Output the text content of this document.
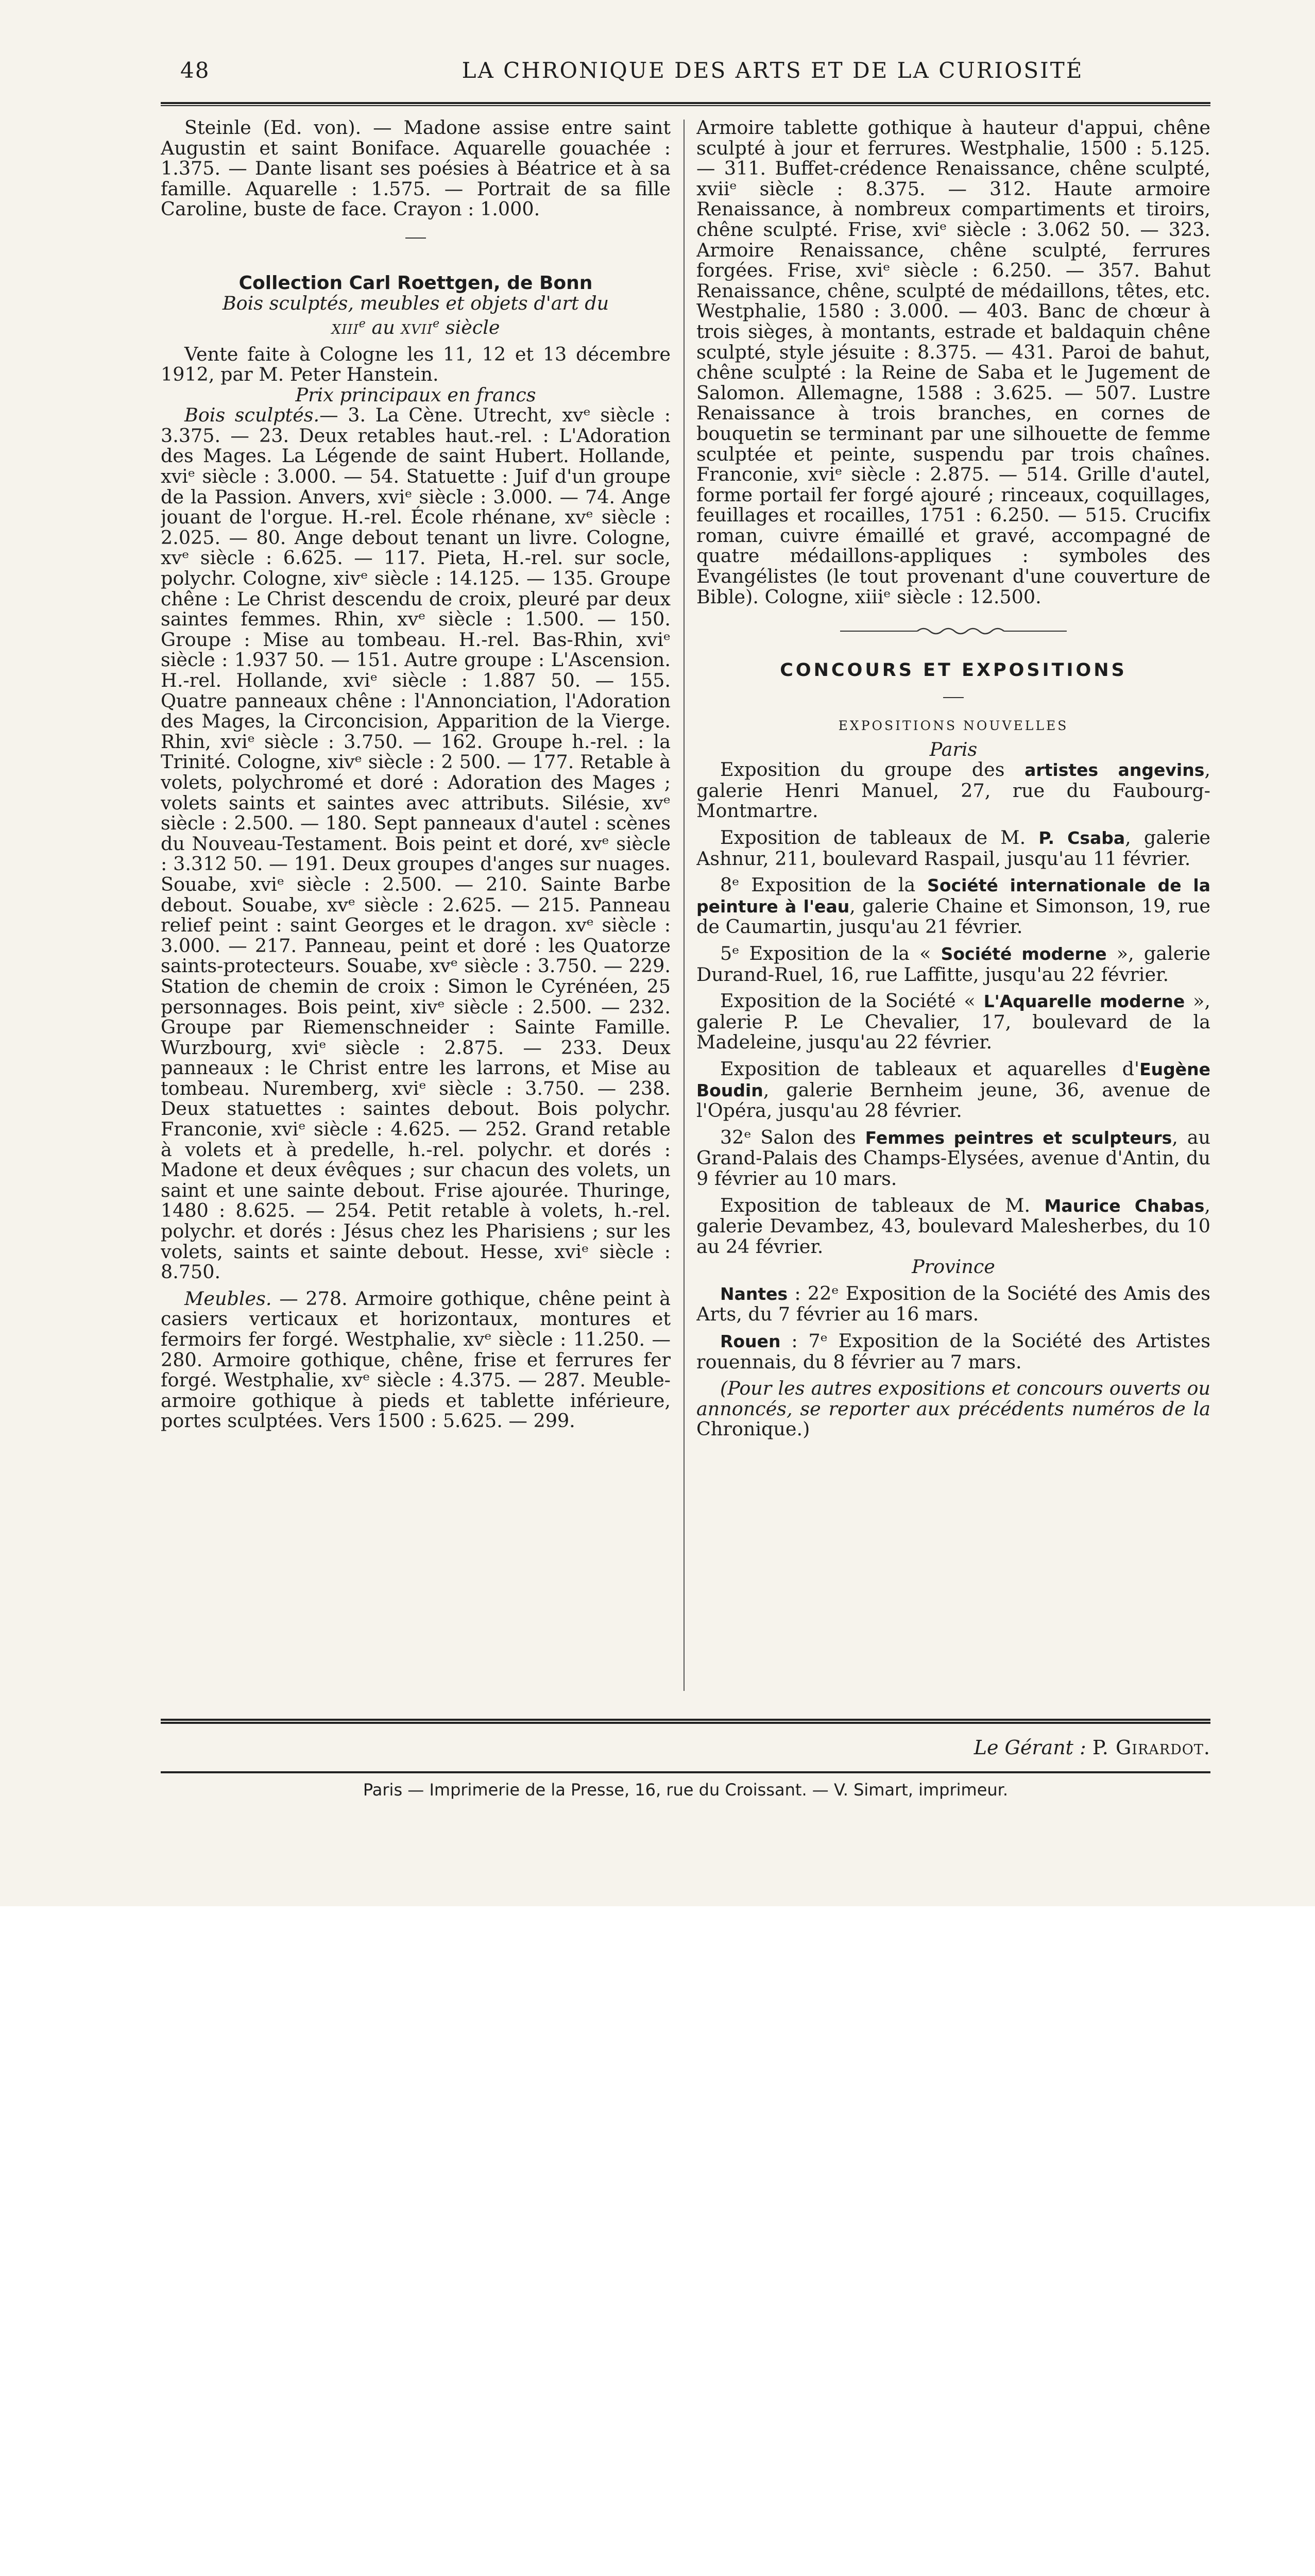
48	LA CHRONIQUE DES ARTS ET DE LA CURIOSITÉ

Steinle (Ed. von). — Madone assise entre saint Augustin et saint Boniface. Aquarelle gouachée : 1.375. — Dante lisant ses poésies à Béatrice et à sa famille. Aquarelle : 1.575. — Portrait de sa fille Caroline, buste de face. Crayon : 1.000.

Collection Carl Roettgen, de Bonn

Bois sculptés, meubles et objets d'art du
xiii$^e$ au xvii$^e$ siècle

Vente faite à Cologne les 11, 12 et 13 décembre 1912, par M. Peter Hanstein.

Prix principaux en francs

Bois sculptés.— 3. La Cène. Utrecht, xvᵉ siècle : 3.375. — 23. Deux retables haut.-rel. : L'Adoration des Mages. La Légende de saint Hubert. Hollande, xviᵉ siècle : 3.000. — 54. Statuette : Juif d'un groupe de la Passion. Anvers, xviᵉ siècle : 3.000. — 74. Ange jouant de l'orgue. H.-rel. École rhénane, xvᵉ siècle : 2.025. — 80. Ange debout tenant un livre. Cologne, xvᵉ siècle : 6.625. — 117. Pieta, H.-rel. sur socle, polychr. Cologne, xivᵉ siècle : 14.125. — 135. Groupe chêne : Le Christ descendu de croix, pleuré par deux saintes femmes. Rhin, xvᵉ siècle : 1.500. — 150. Groupe : Mise au tombeau. H.-rel. Bas-Rhin, xviᵉ siècle : 1.937 50. — 151. Autre groupe : L'Ascension. H.-rel. Hollande, xviᵉ siècle : 1.887 50. — 155. Quatre panneaux chêne : l'Annonciation, l'Adoration des Mages, la Circoncision, Apparition de la Vierge. Rhin, xviᵉ siècle : 3.750. — 162. Groupe h.-rel. : la Trinité. Cologne, xivᵉ siècle : 2 500. — 177. Retable à volets, polychromé et doré : Adoration des Mages ; volets saints et saintes avec attributs. Silésie, xvᵉ siècle : 2.500. — 180. Sept panneaux d'autel : scènes du Nouveau-Testament. Bois peint et doré, xvᵉ siècle : 3.312 50. — 191. Deux groupes d'anges sur nuages. Souabe, xviᵉ siècle : 2.500. — 210. Sainte Barbe debout. Souabe, xvᵉ siècle : 2.625. — 215. Panneau relief peint : saint Georges et le dragon. xvᵉ siècle : 3.000. — 217. Panneau, peint et doré : les Quatorze saints-protecteurs. Souabe, xvᵉ siècle : 3.750. — 229. Station de chemin de croix : Simon le Cyrénéen, 25 personnages. Bois peint, xivᵉ siècle : 2.500. — 232. Groupe par Riemenschneider : Sainte Famille. Wurzbourg, xviᵉ siècle : 2.875. — 233. Deux panneaux : le Christ entre les larrons, et Mise au tombeau. Nuremberg, xviᵉ siècle : 3.750. — 238. Deux statuettes : saintes debout. Bois polychr. Franconie, xviᵉ siècle : 4.625. — 252. Grand retable à volets et à predelle, h.-rel. polychr. et dorés : Madone et deux évêques ; sur chacun des volets, un saint et une sainte debout. Frise ajourée. Thuringe, 1480 : 8.625. — 254. Petit retable à volets, h.-rel. polychr. et dorés : Jésus chez les Pharisiens ; sur les volets, saints et sainte debout. Hesse, xviᵉ siècle : 8.750.

Meubles. — 278. Armoire gothique, chêne peint à casiers verticaux et horizontaux, montures et fermoirs fer forgé. Westphalie, xvᵉ siècle : 11.250. — 280. Armoire gothique, chêne, frise et ferrures fer forgé. Westphalie, xvᵉ siècle : 4.375. — 287. Meuble-armoire gothique à pieds et tablette inférieure, portes sculptées. Vers 1500 : 5.625. — 299.

Armoire tablette gothique à hauteur d'appui, chêne sculpté à jour et ferrures. Westphalie, 1500 : 5.125. — 311. Buffet-crédence Renaissance, chêne sculpté, xviiᵉ siècle : 8.375. — 312. Haute armoire Renaissance, à nombreux compartiments et tiroirs, chêne sculpté. Frise, xviᵉ siècle : 3.062 50. — 323. Armoire Renaissance, chêne sculpté, ferrures forgées. Frise, xviᵉ siècle : 6.250. — 357. Bahut Renaissance, chêne, sculpté de médaillons, têtes, etc. Westphalie, 1580 : 3.000. — 403. Banc de chœur à trois sièges, à montants, estrade et baldaquin chêne sculpté, style jésuite : 8.375. — 431. Paroi de bahut, chêne sculpté : la Reine de Saba et le Jugement de Salomon. Allemagne, 1588 : 3.625. — 507. Lustre Renaissance à trois branches, en cornes de bouquetin se terminant par une silhouette de femme sculptée et peinte, suspendu par trois chaînes. Franconie, xviᵉ siècle : 2.875. — 514. Grille d'autel, forme portail fer forgé ajouré ; rinceaux, coquillages, feuillages et rocailles, 1751 : 6.250. — 515. Crucifix roman, cuivre émaillé et gravé, accompagné de quatre médaillons-appliques : symboles des Evangélistes (le tout provenant d'une couverture de Bible). Cologne, xiiiᵉ siècle : 12.500.

CONCOURS ET EXPOSITIONS
EXPOSITIONS NOUVELLES

Paris

Exposition du groupe des artistes angevins, galerie Henri Manuel, 27, rue du Faubourg-Montmartre.

Exposition de tableaux de M. P. Csaba, galerie Ashnur, 211, boulevard Raspail, jusqu'au 11 février.

8ᵉ Exposition de la Société internationale de la peinture à l'eau, galerie Chaine et Simonson, 19, rue de Caumartin, jusqu'au 21 février.

5ᵉ Exposition de la « Société moderne », galerie Durand-Ruel, 16, rue Laffitte, jusqu'au 22 février.

Exposition de la Société « L'Aquarelle moderne », galerie P. Le Chevalier, 17, boulevard de la Madeleine, jusqu'au 22 février.

Exposition de tableaux et aquarelles d'Eugène Boudin, galerie Bernheim jeune, 36, avenue de l'Opéra, jusqu'au 28 février.

32ᵉ Salon des Femmes peintres et sculpteurs, au Grand-Palais des Champs-Elysées, avenue d'Antin, du 9 février au 10 mars.

Exposition de tableaux de M. Maurice Chabas, galerie Devambez, 43, boulevard Malesherbes, du 10 au 24 février.

Province

Nantes : 22ᵉ Exposition de la Société des Amis des Arts, du 7 février au 16 mars.

Rouen : 7ᵉ Exposition de la Société des Artistes rouennais, du 8 février au 7 mars.

(Pour les autres expositions et concours ouverts ou annoncés, se reporter aux précédents numéros de la Chronique.)

Le Gérant : P. Girardot.
Paris — Imprimerie de la Presse, 16, rue du Croissant. — V. Simart, imprimeur.
